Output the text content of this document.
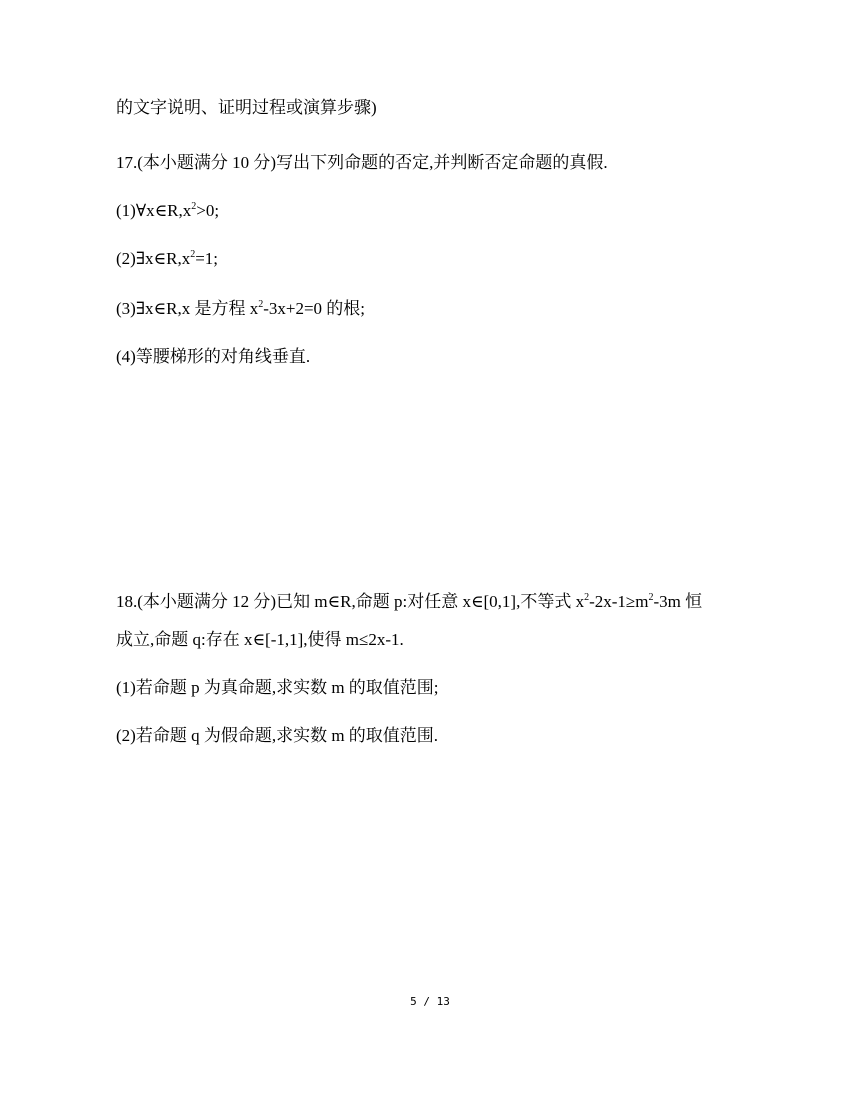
的文字说明、证明过程或演算步骤)
17.(本小题满分 10 分)写出下列命题的否定,并判断否定命题的真假.
$(1)\forall x\in R,x^2>0$;
$(2)\exists x\in R,x^2=1$;
(3)∃x∈R,x 是方程 $x^2-3x+2=0$ 的根;
(4)等腰梯形的对角线垂直.
18.(本小题满分 12 分)已知 m∈R,命题 p:对任意 x∈[0,1],不等式 $x^2-2x-1\ge m^2-3m$ 恒
成立,命题 q:存在 x∈[-1,1],使得 m≤2x-1.
(1)若命题 p 为真命题,求实数 m 的取值范围;
(2)若命题 q 为假命题,求实数 m 的取值范围.
5 / 13
